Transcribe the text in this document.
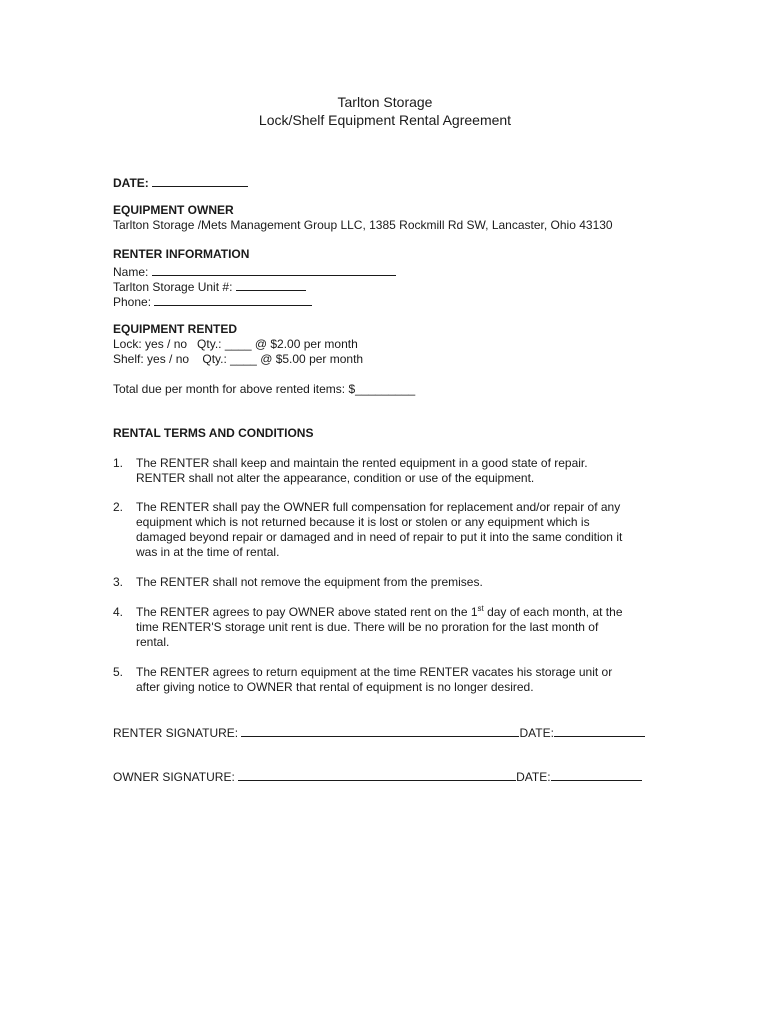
Tarlton Storage
Lock/Shelf Equipment Rental Agreement
DATE:
EQUIPMENT OWNER
Tarlton Storage /Mets Management Group LLC, 1385 Rockmill Rd SW, Lancaster, Ohio 43130
RENTER INFORMATION
Name:
Tarlton Storage Unit #:
Phone:
EQUIPMENT RENTED
Lock: yes / no   Qty.: ____ @ $2.00 per month
Shelf: yes / no    Qty.: ____ @ $5.00 per month
Total due per month for above rented items: $_________
RENTAL TERMS AND CONDITIONS
1. The RENTER shall keep and maintain the rented equipment in a good state of repair.
RENTER shall not alter the appearance, condition or use of the equipment.
2. The RENTER shall pay the OWNER full compensation for replacement and/or repair of any
equipment which is not returned because it is lost or stolen or any equipment which is
damaged beyond repair or damaged and in need of repair to put it into the same condition it
was in at the time of rental.
3. The RENTER shall not remove the equipment from the premises.
4. The RENTER agrees to pay OWNER above stated rent on the 1st day of each month, at the
time RENTER'S storage unit rent is due. There will be no proration for the last month of
rental.
5. The RENTER agrees to return equipment at the time RENTER vacates his storage unit or
after giving notice to OWNER that rental of equipment is no longer desired.
RENTER SIGNATURE:	DATE:
OWNER SIGNATURE:	DATE:
